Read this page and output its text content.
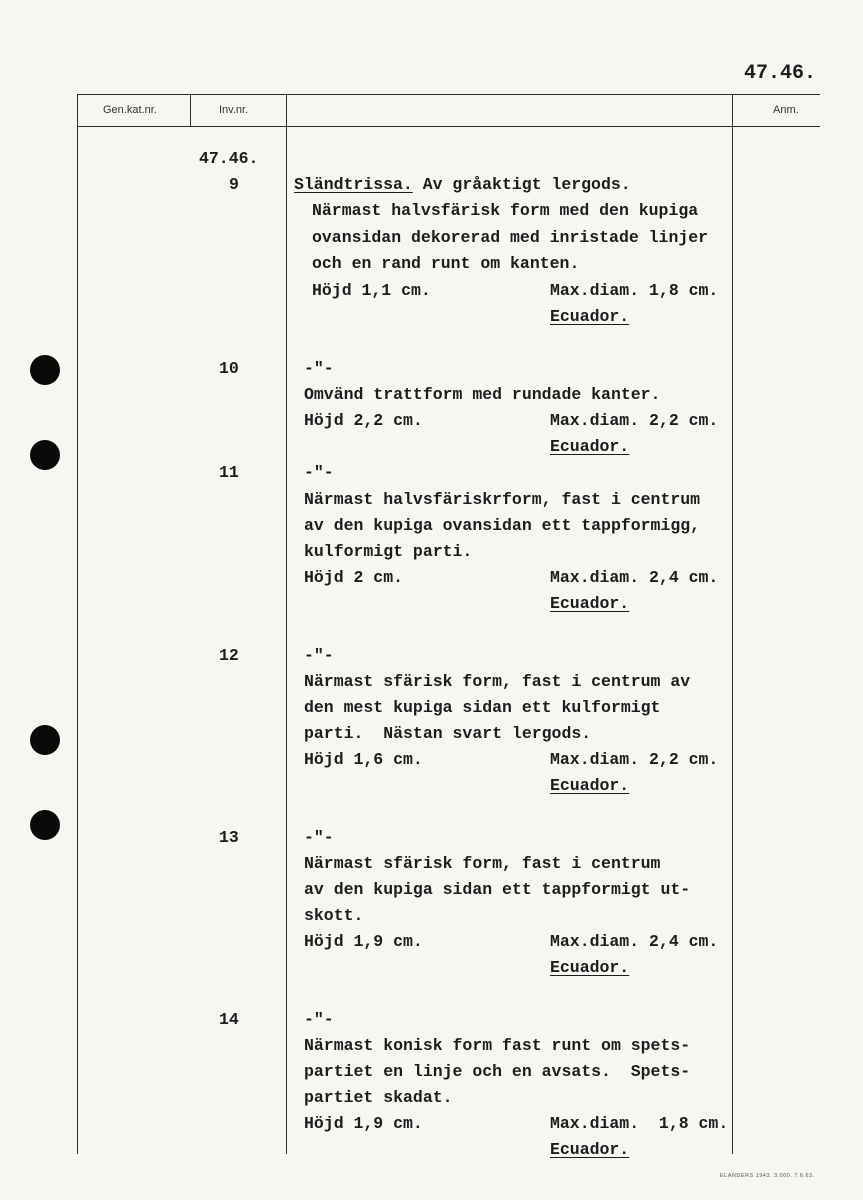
47.46.
Gen.kat.nr.	Inv.nr.	Anm.
47.46.
9	Sländtrissa. Av gråaktigt lergods.
Närmast halvsfärisk form med den kupiga
ovansidan dekorerad med inristade linjer
och en rand runt om kanten.
Höjd 1,1 cm.	Max.diam. 1,8 cm.
Ecuador.
10	-"-
Omvänd trattform med rundade kanter.
Höjd 2,2 cm.	Max.diam. 2,2 cm.
Ecuador.
11	-"-
Närmast halvsfäriskrform, fast i centrum
av den kupiga ovansidan ett tappformigg,
kulformigt parti.
Höjd 2 cm.	Max.diam. 2,4 cm.
Ecuador.
12	-"-
Närmast sfärisk form, fast i centrum av
den mest kupiga sidan ett kulformigt
parti.  Nästan svart lergods.
Höjd 1,6 cm.	Max.diam. 2,2 cm.
Ecuador.
13	-"-
Närmast sfärisk form, fast i centrum
av den kupiga sidan ett tappformigt ut-
skott.
Höjd 1,9 cm.	Max.diam. 2,4 cm.
Ecuador.
14	-"-
Närmast konisk form fast runt om spets-
partiet en linje och en avsats.  Spets-
partiet skadat.
Höjd 1,9 cm.	Max.diam.  1,8 cm.
Ecuador.
ELANDERS 1943. 3.000. 7.6.63.
